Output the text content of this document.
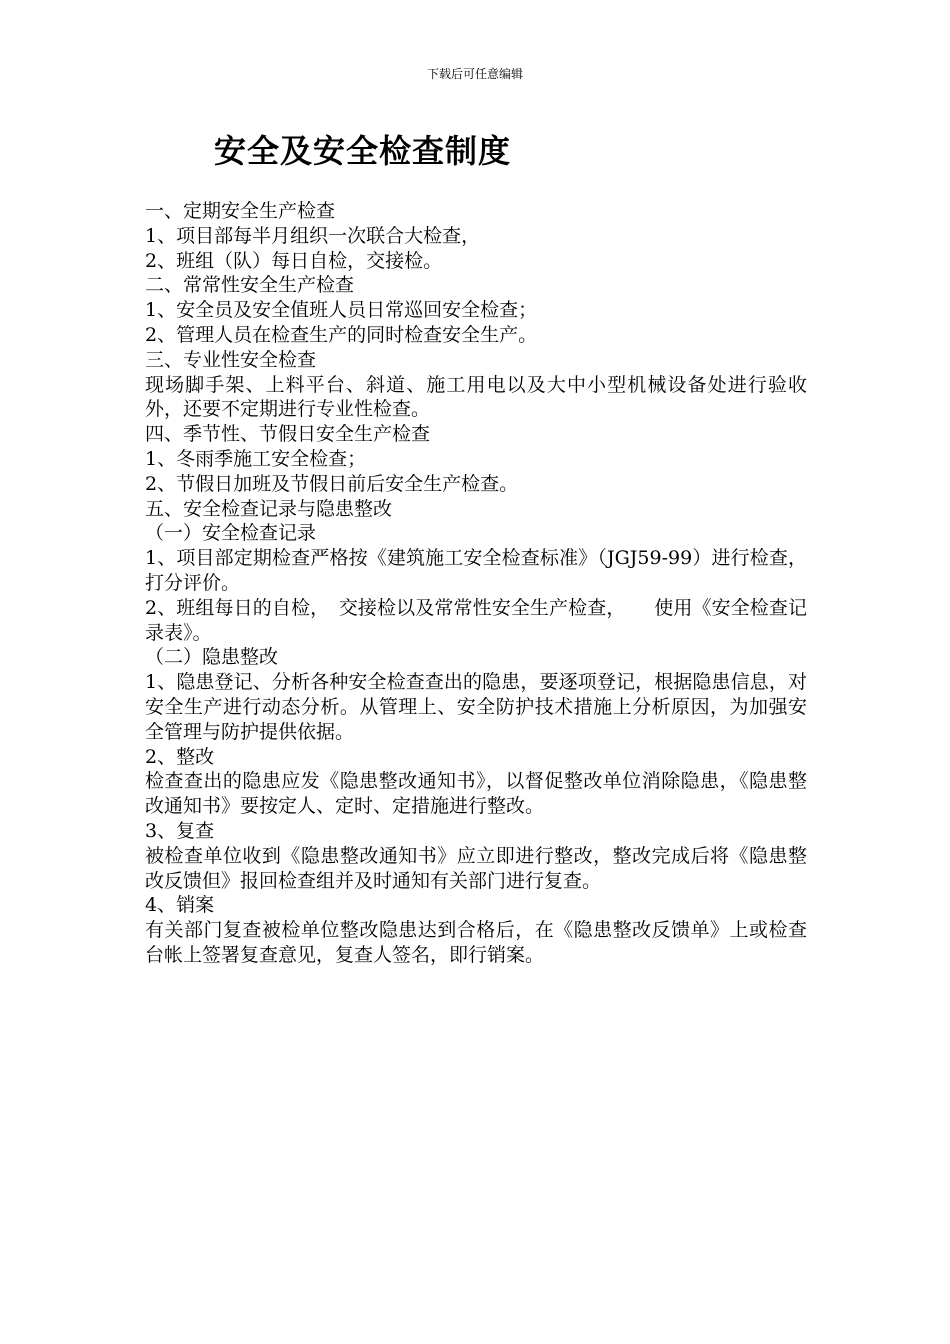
下载后可任意编辑
安全及安全检查制度

一、定期安全生产检查

1、项目部每半月组织一次联合大检查，

2、班组（队）每日自检，交接检。

二、常常性安全生产检查

1、安全员及安全值班人员日常巡回安全检查；

2、管理人员在检查生产的同时检查安全生产。

三、专业性安全检查

现场脚手架、上料平台、斜道、施工用电以及大中小型机械设备处进行验收外，还要不定期进行专业性检查。

四、季节性、节假日安全生产检查

1、冬雨季施工安全检查；

2、节假日加班及节假日前后安全生产检查。

五、安全检查记录与隐患整改

（一）安全检查记录

1、项目部定期检查严格按《建筑施工安全检查标准》（JGJ59-99）进行检查，打分评价。

2、班组每日的自检，　交接检以及常常性安全生产检查，　　使用《安全检查记录表》。

（二）隐患整改

1、隐患登记、分析各种安全检查查出的隐患，要逐项登记，根据隐患信息，对安全生产进行动态分析。从管理上、安全防护技术措施上分析原因，为加强安全管理与防护提供依据。

2、整改

检查查出的隐患应发《隐患整改通知书》，以督促整改单位消除隐患，《隐患整改通知书》要按定人、定时、定措施进行整改。

3、复查

被检查单位收到《隐患整改通知书》应立即进行整改，整改完成后将《隐患整改反馈但》报回检查组并及时通知有关部门进行复查。

4、销案

有关部门复查被检单位整改隐患达到合格后，在《隐患整改反馈单》上或检查台帐上签署复查意见，复查人签名，即行销案。
